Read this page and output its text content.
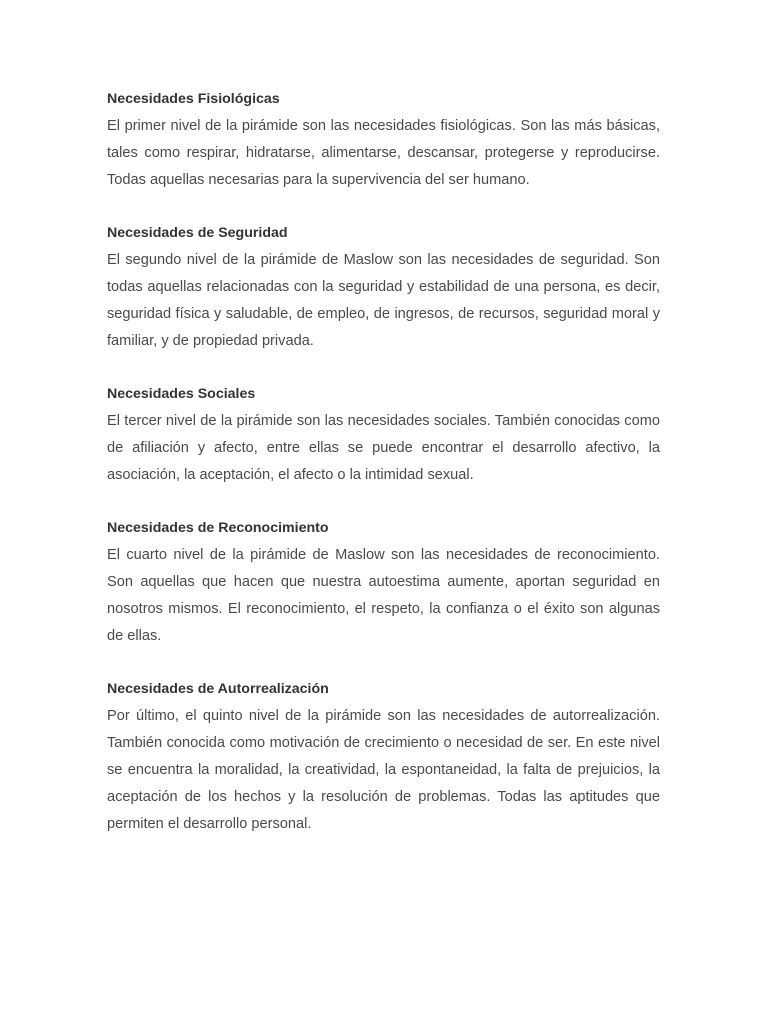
Necesidades Fisiológicas

El primer nivel de la pirámide son las necesidades fisiológicas. Son las más básicas, tales como respirar, hidratarse, alimentarse, descansar, protegerse y reproducirse. Todas aquellas necesarias para la supervivencia del ser humano.

Necesidades de Seguridad

El segundo nivel de la pirámide de Maslow son las necesidades de seguridad. Son todas aquellas relacionadas con la seguridad y estabilidad de una persona, es decir, seguridad física y saludable, de empleo, de ingresos, de recursos, seguridad moral y familiar, y de propiedad privada.

Necesidades Sociales

El tercer nivel de la pirámide son las necesidades sociales. También conocidas como de afiliación y afecto, entre ellas se puede encontrar el desarrollo afectivo, la asociación, la aceptación, el afecto o la intimidad sexual.

Necesidades de Reconocimiento

El cuarto nivel de la pirámide de Maslow son las necesidades de reconocimiento. Son aquellas que hacen que nuestra autoestima aumente, aportan seguridad en nosotros mismos. El reconocimiento, el respeto, la confianza o el éxito son algunas de ellas.

Necesidades de Autorrealización

Por último, el quinto nivel de la pirámide son las necesidades de autorrealización. También conocida como motivación de crecimiento o necesidad de ser. En este nivel se encuentra la moralidad, la creatividad, la espontaneidad, la falta de prejuicios, la aceptación de los hechos y la resolución de problemas. Todas las aptitudes que permiten el desarrollo personal.
